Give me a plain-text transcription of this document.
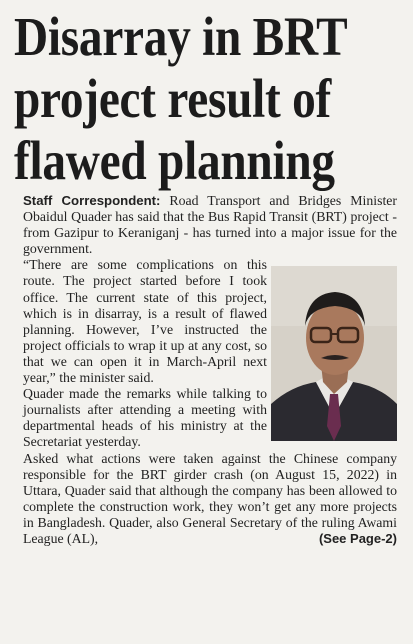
Disarray in BRT
project result of
flawed planning

Staff Correspondent: Road Transport and Bridges Minister Obaidul Quader has said that the Bus Rapid Transit (BRT) project - from Gazipur to Keraniganj - has turned into a major issue for the government.

“There are some complications on this route. The project started before I took office. The current state of this project, which is in disarray, is a result of flawed planning. However, I’ve instructed the project officials to wrap it up at any cost, so that we can open it in March-April next year,” the minister said.

Quader made the remarks while talking to journalists after attending a meeting with departmental heads of his ministry at the Secretariat yesterday.

Asked what actions were taken against the Chinese company responsible for the BRT girder crash (on August 15, 2022) in Uttara, Quader said that although the company has been allowed to complete the construction work, they won’t get any more projects in Bangladesh. Quader, also General Secretary of the ruling Awami League (AL),	(See Page-2)
